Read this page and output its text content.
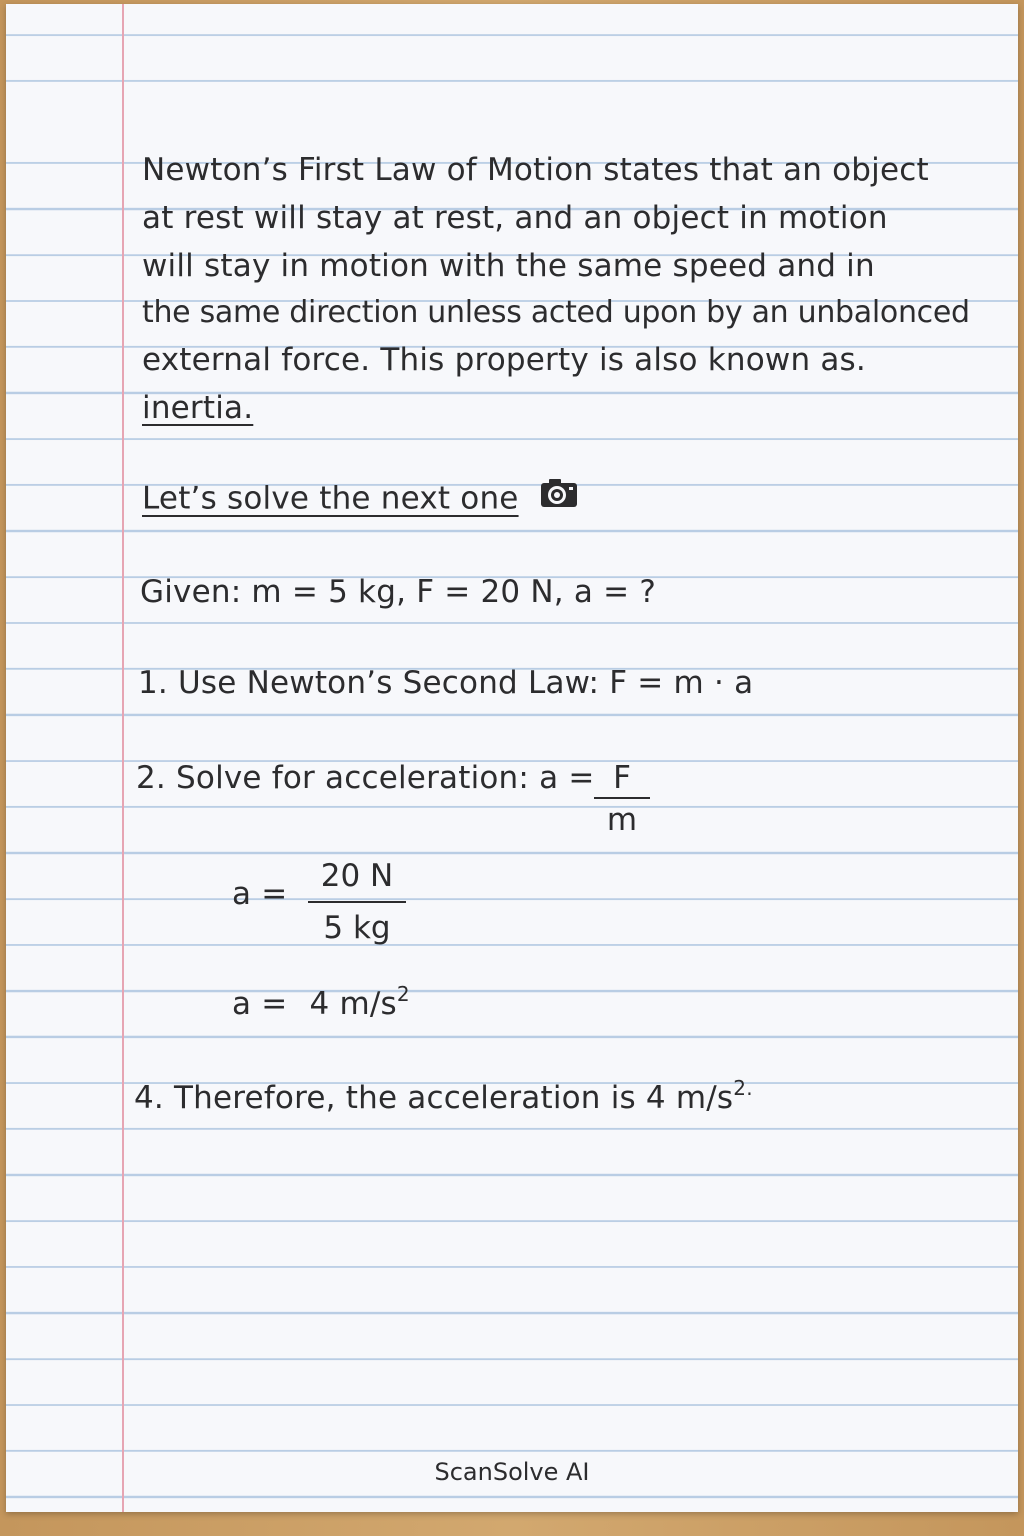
Newton’s First Law of Motion states that an object
at rest will stay at rest, and an object in motion
will stay in motion with the same speed and in
the same direction unless acted upon by an unbalonced
external force. This property is also known as.
inertia.
Let’s solve the next one
Given: m = 5 kg, F = 20 N, a = ?
1. Use Newton’s Second Law: F = m · a
2. Solve for acceleration: a = F
m
a =	20 N
5 kg
a = 4 $m/s^2$
4. Therefore, the acceleration is 4 $m/s^{2.}$
ScanSolve AI
